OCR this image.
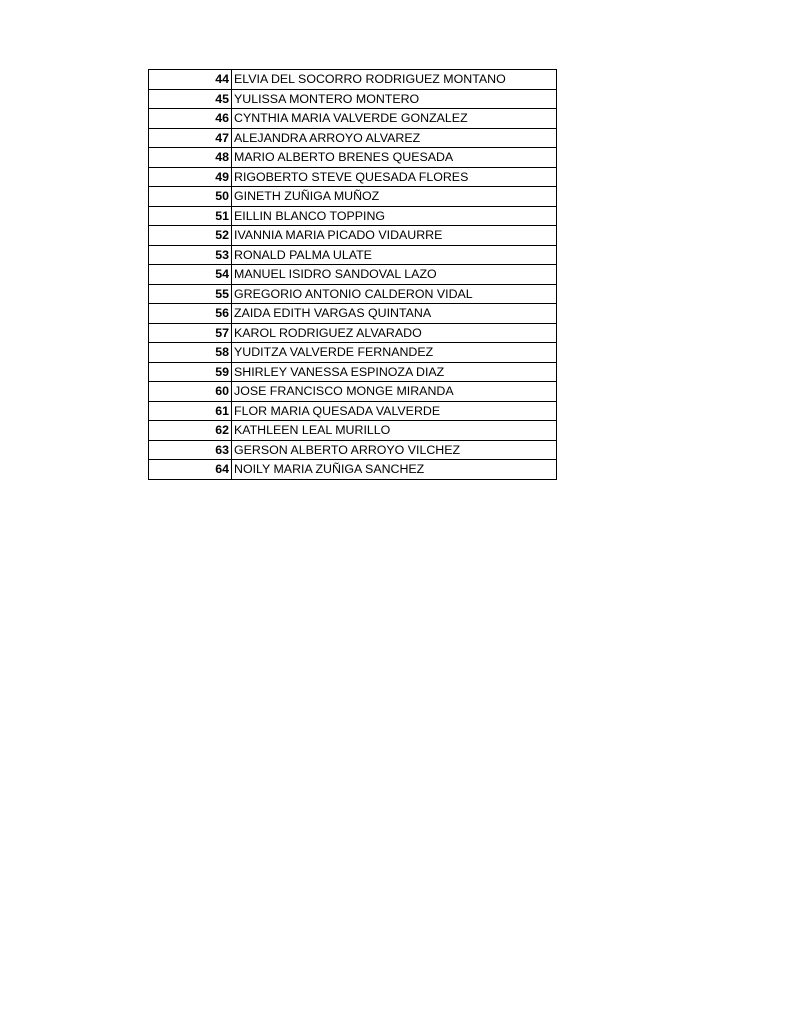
44	ELVIA DEL SOCORRO RODRIGUEZ MONTANO
45	YULISSA MONTERO MONTERO
46	CYNTHIA MARIA VALVERDE GONZALEZ
47	ALEJANDRA ARROYO ALVAREZ
48	MARIO ALBERTO BRENES QUESADA
49	RIGOBERTO STEVE QUESADA FLORES
50	GINETH ZUÑIGA MUÑOZ
51	EILLIN BLANCO TOPPING
52	IVANNIA MARIA PICADO VIDAURRE
53	RONALD PALMA ULATE
54	MANUEL ISIDRO SANDOVAL LAZO
55	GREGORIO ANTONIO CALDERON VIDAL
56	ZAIDA EDITH VARGAS QUINTANA
57	KAROL RODRIGUEZ ALVARADO
58	YUDITZA VALVERDE FERNANDEZ
59	SHIRLEY VANESSA ESPINOZA DIAZ
60	JOSE FRANCISCO MONGE MIRANDA
61	FLOR MARIA QUESADA VALVERDE
62	KATHLEEN LEAL MURILLO
63	GERSON ALBERTO ARROYO VILCHEZ
64	NOILY MARIA ZUÑIGA SANCHEZ
